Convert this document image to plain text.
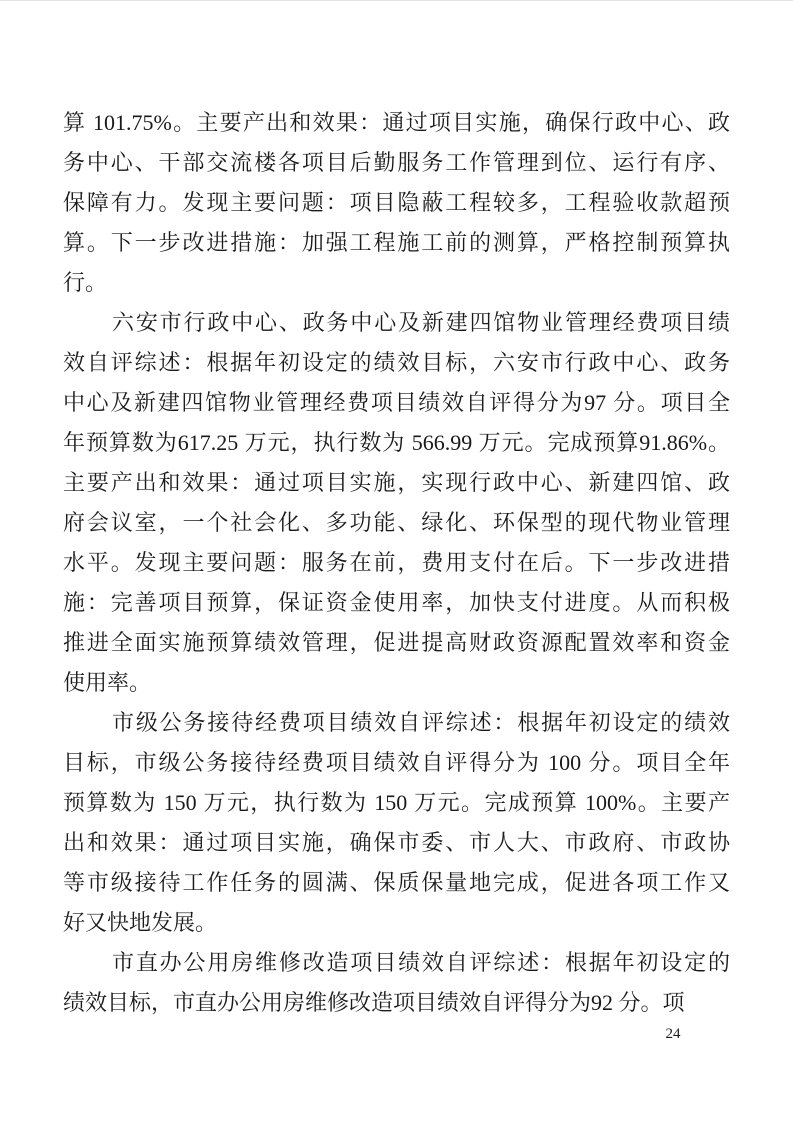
算 101.75%。主要产出和效果：通过项目实施，确保行政中心、政
务中心、干部交流楼各项目后勤服务工作管理到位、运行有序、
保障有力。发现主要问题：项目隐蔽工程较多，工程验收款超预
算。下一步改进措施：加强工程施工前的测算，严格控制预算执
行。
六安市行政中心、政务中心及新建四馆物业管理经费项目绩
效自评综述：根据年初设定的绩效目标，六安市行政中心、政务
中心及新建四馆物业管理经费项目绩效自评得分为97 分。项目全
年预算数为617.25 万元，执行数为 566.99 万元。完成预算91.86%。
主要产出和效果：通过项目实施，实现行政中心、新建四馆、政
府会议室，一个社会化、多功能、绿化、环保型的现代物业管理
水平。发现主要问题：服务在前，费用支付在后。下一步改进措
施：完善项目预算，保证资金使用率，加快支付进度。从而积极
推进全面实施预算绩效管理，促进提高财政资源配置效率和资金
使用率。
市级公务接待经费项目绩效自评综述：根据年初设定的绩效
目标，市级公务接待经费项目绩效自评得分为 100 分。项目全年
预算数为 150 万元，执行数为 150 万元。完成预算 100%。主要产
出和效果：通过项目实施，确保市委、市人大、市政府、市政协
等市级接待工作任务的圆满、保质保量地完成，促进各项工作又
好又快地发展。
市直办公用房维修改造项目绩效自评综述：根据年初设定的
绩效目标，市直办公用房维修改造项目绩效自评得分为92 分。项
24
